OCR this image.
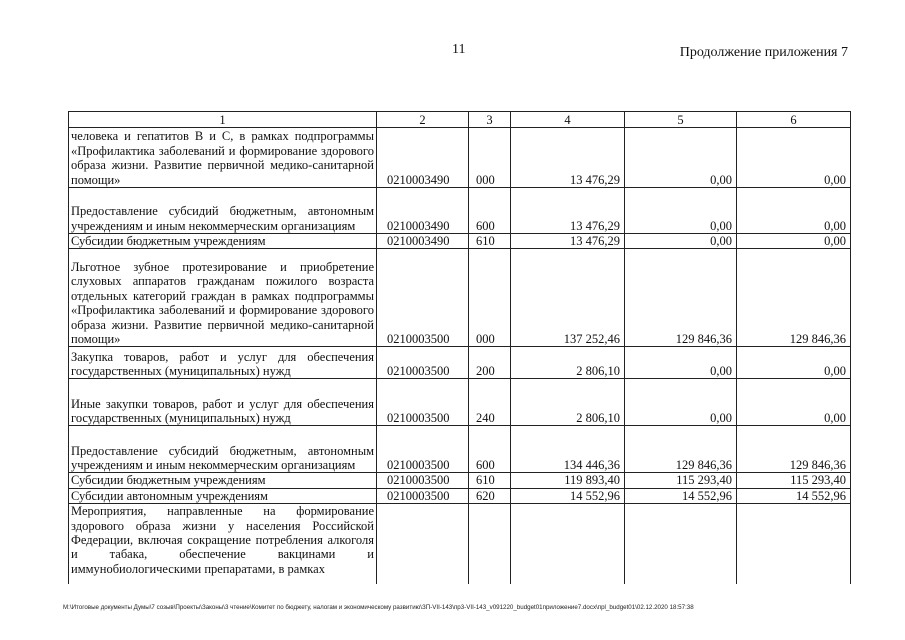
11	Продолжение приложения 7
1	2	3	4	5	6
человека и гепатитов В и С, в рамках подпрограммы «Профилактика заболеваний и формирование здорового образа жизни. Развитие первичной медико-санитарной помощи»	0210003490	000	13 476,29	0,00	0,00
Предоставление субсидий бюджетным, автономным учреждениям и иным некоммерческим организациям	0210003490	600	13 476,29	0,00	0,00
Субсидии бюджетным учреждениям	0210003490	610	13 476,29	0,00	0,00
Льготное зубное протезирование и приобретение слуховых аппаратов гражданам пожилого возраста отдельных категорий граждан в рамках подпрограммы «Профилактика заболеваний и формирование здорового образа жизни. Развитие первичной медико-санитарной помощи»	0210003500	000	137 252,46	129 846,36	129 846,36
Закупка товаров, работ и услуг для обеспечения государственных (муниципальных) нужд	0210003500	200	2 806,10	0,00	0,00
Иные закупки товаров, работ и услуг для обеспечения государственных (муниципальных) нужд	0210003500	240	2 806,10	0,00	0,00
Предоставление субсидий бюджетным, автономным учреждениям и иным некоммерческим организациям	0210003500	600	134 446,36	129 846,36	129 846,36
Субсидии бюджетным учреждениям	0210003500	610	119 893,40	115 293,40	115 293,40
Субсидии автономным учреждениям	0210003500	620	14 552,96	14 552,96	14 552,96
Мероприятия, направленные на формирование здорового образа жизни у населения Российской Федерации, включая сокращение потребления алкоголя и табака, обеспечение вакцинами и иммунобиологическими препаратами, в рамках					
M:\Итоговые документы Думы\7 созыв\Проекты\Законы\3 чтение\Комитет по бюджету, налогам и экономическому развитию\ЗП-VII-143\пр3-VII-143_v091220_budget01приложение7.docx\прl_budget01\02.12.2020 18:57:38
